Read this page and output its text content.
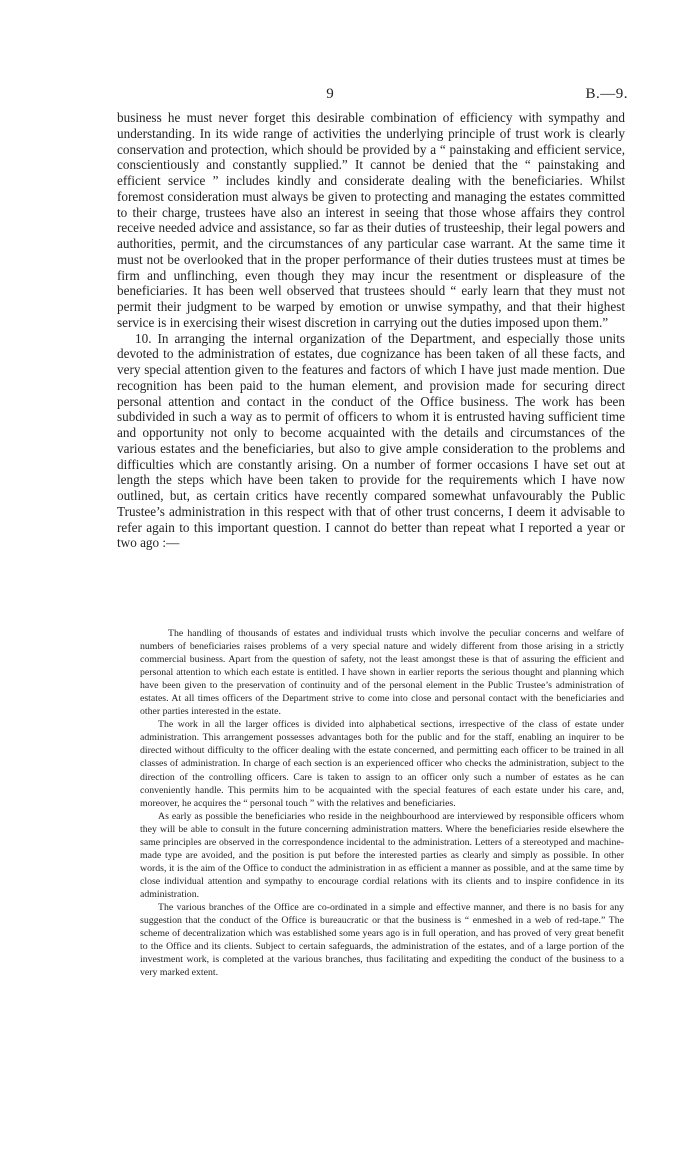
9	B.—9.

business he must never forget this desirable combination of efficiency with sympathy and understanding. In its wide range of activities the underlying principle of trust work is clearly conservation and protection, which should be provided by a “ painstaking and efficient service, conscientiously and constantly supplied.” It cannot be denied that the “ painstaking and efficient service ” includes kindly and considerate dealing with the beneficiaries. Whilst foremost consideration must always be given to protecting and managing the estates committed to their charge, trustees have also an interest in seeing that those whose affairs they control receive needed advice and assistance, so far as their duties of trusteeship, their legal powers and authorities, permit, and the circumstances of any particular case warrant. At the same time it must not be overlooked that in the proper performance of their duties trustees must at times be firm and unflinching, even though they may incur the resentment or displeasure of the beneficiaries. It has been well observed that trustees should “ early learn that they must not permit their judgment to be warped by emotion or unwise sympathy, and that their highest service is in exercising their wisest discretion in carrying out the duties imposed upon them.”

10. In arranging the internal organization of the Department, and especially those units devoted to the administration of estates, due cognizance has been taken of all these facts, and very special attention given to the features and factors of which I have just made mention. Due recognition has been paid to the human element, and provision made for securing direct personal attention and contact in the conduct of the Office business. The work has been subdivided in such a way as to permit of officers to whom it is entrusted having sufficient time and opportunity not only to become acquainted with the details and circumstances of the various estates and the beneficiaries, but also to give ample consideration to the problems and difficulties which are constantly arising. On a number of former occasions I have set out at length the steps which have been taken to provide for the requirements which I have now outlined, but, as certain critics have recently compared somewhat unfavourably the Public Trustee’s administration in this respect with that of other trust concerns, I deem it advisable to refer again to this important question. I cannot do better than repeat what I reported a year or two ago :—

The handling of thousands of estates and individual trusts which involve the peculiar concerns and welfare of numbers of beneficiaries raises problems of a very special nature and widely different from those arising in a strictly commercial business. Apart from the question of safety, not the least amongst these is that of assuring the efficient and personal attention to which each estate is entitled. I have shown in earlier reports the serious thought and planning which have been given to the preservation of continuity and of the personal element in the Public Trustee’s administration of estates. At all times officers of the Department strive to come into close and personal contact with the beneficiaries and other parties interested in the estate.

The work in all the larger offices is divided into alphabetical sections, irrespective of the class of estate under administration. This arrangement possesses advantages both for the public and for the staff, enabling an inquirer to be directed without difficulty to the officer dealing with the estate concerned, and permitting each officer to be trained in all classes of administration. In charge of each section is an experienced officer who checks the administration, subject to the direction of the controlling officers. Care is taken to assign to an officer only such a number of estates as he can conveniently handle. This permits him to be acquainted with the special features of each estate under his care, and, moreover, he acquires the “ personal touch ” with the relatives and beneficiaries.

As early as possible the beneficiaries who reside in the neighbourhood are interviewed by responsible officers whom they will be able to consult in the future concerning administration matters. Where the beneficiaries reside elsewhere the same principles are observed in the correspondence incidental to the administration. Letters of a stereotyped and machine-made type are avoided, and the position is put before the interested parties as clearly and simply as possible. In other words, it is the aim of the Office to conduct the administration in as efficient a manner as possible, and at the same time by close individual attention and sympathy to encourage cordial relations with its clients and to inspire confidence in its administration.

The various branches of the Office are co-ordinated in a simple and effective manner, and there is no basis for any suggestion that the conduct of the Office is bureaucratic or that the business is “ enmeshed in a web of red-tape.” The scheme of decentralization which was established some years ago is in full operation, and has proved of very great benefit to the Office and its clients. Subject to certain safeguards, the administration of the estates, and of a large portion of the investment work, is completed at the various branches, thus facilitating and expediting the conduct of the business to a very marked extent.
